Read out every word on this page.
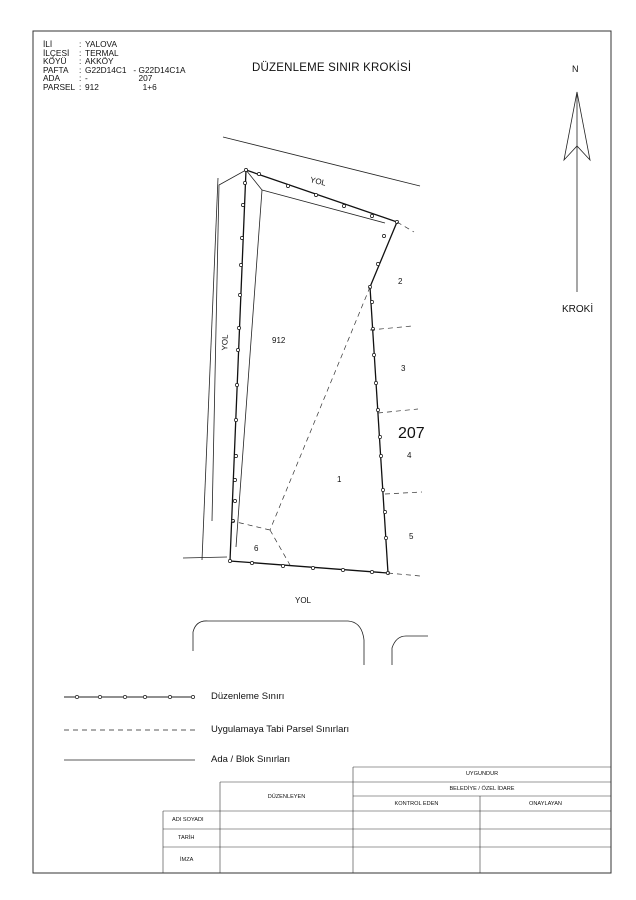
İLİ	: YALOVA
İLÇESİ	: TERMAL
KÖYÜ	: AKKÖY
PAFTA	: G22D14C1   - G22D14C1A
ADA	: -                      207
PARSEL : 912                   1+6
DÜZENLEME SINIR KROKİSİ	N
KROKİ
YOL
YOL
YOL
912
1
2
3
4
5
6
207
Düzenleme Sınırı
Uygulamaya Tabi Parsel Sınırları
Ada / Blok Sınırları
UYGUNDUR
BELEDİYE / ÖZEL İDARE
DÜZENLEYEN
KONTROL EDEN	ONAYLAYAN
ADI SOYADI
TARİH
İMZA
